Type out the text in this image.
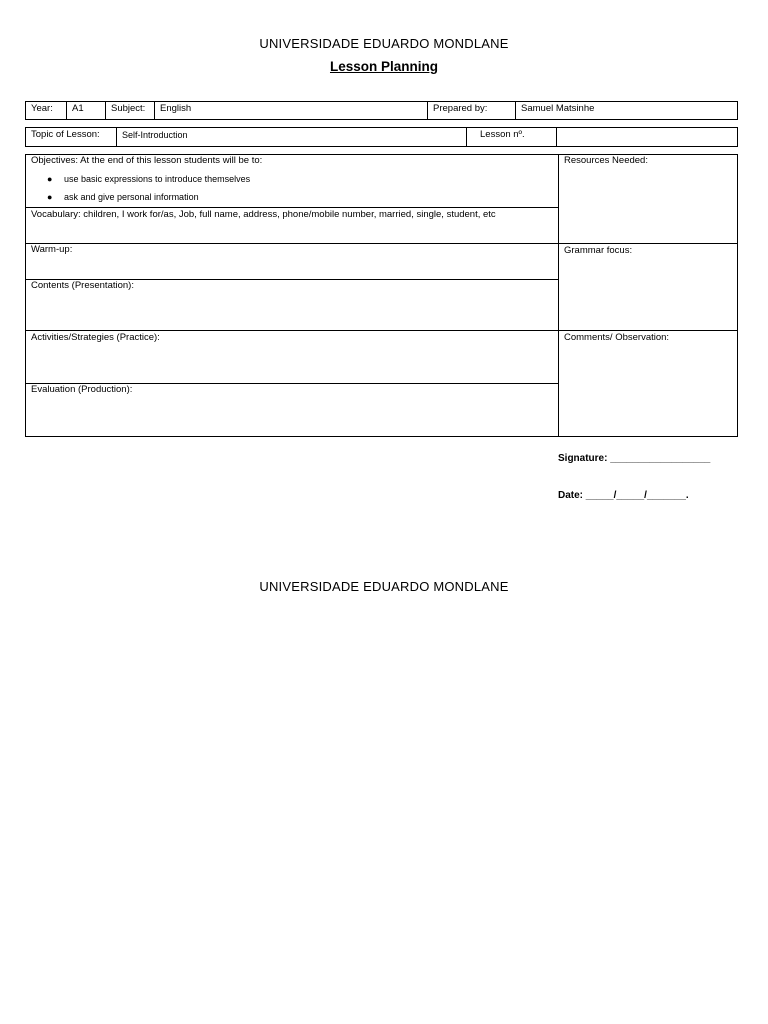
UNIVERSIDADE EDUARDO MONDLANE
Lesson Planning
Year:	A1	Subject:	English	Prepared by:	Samuel Matsinhe
Topic of Lesson:	Self-Introduction	Lesson nº.
Objectives: At the end of this lesson students will be to:
● use basic expressions to introduce themselves
● ask and give personal information
Vocabulary: children, I work for/as, Job, full name, address, phone/mobile number, married, single, student, etc
Warm-up:
Contents (Presentation):
Activities/Strategies (Practice):
Evaluation (Production):
Resources Needed:
Grammar focus:
Comments/ Observation:
Signature: __________________
Date: _____/_____/_______.
UNIVERSIDADE EDUARDO MONDLANE
